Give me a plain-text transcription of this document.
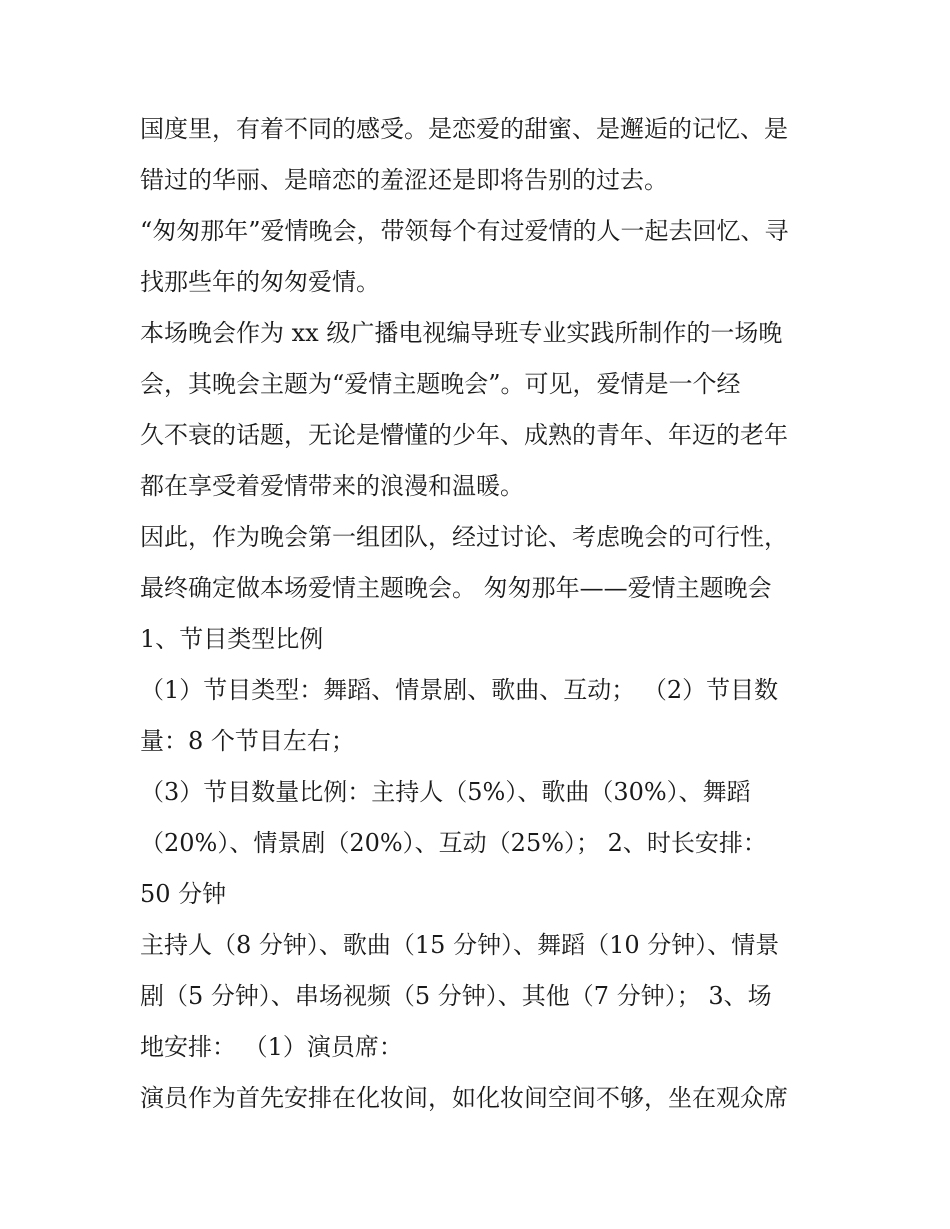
国度里，有着不同的感受。是恋爱的甜蜜、是邂逅的记忆、是
错过的华丽、是暗恋的羞涩还是即将告别的过去。
“匆匆那年”爱情晚会，带领每个有过爱情的人一起去回忆、寻
找那些年的匆匆爱情。
本场晚会作为 xx 级广播电视编导班专业实践所制作的一场晚
会，其晚会主题为“爱情主题晚会”。可见，爱情是一个经
久不衰的话题，无论是懵懂的少年、成熟的青年、年迈的老年
都在享受着爱情带来的浪漫和温暖。
因此，作为晚会第一组团队，经过讨论、考虑晚会的可行性，
最终确定做本场爱情主题晚会。 匆匆那年——爱情主题晚会
1、节目类型比例
（1）节目类型：舞蹈、情景剧、歌曲、互动； （2）节目数
量：8 个节目左右；
（3）节目数量比例：主持人（5%）、歌曲（30%）、舞蹈
（20%）、情景剧（20%）、互动（25%）； 2、时长安排：
50 分钟
主持人（8 分钟）、歌曲（15 分钟）、舞蹈（10 分钟）、情景
剧（5 分钟）、串场视频（5 分钟）、其他（7 分钟）； 3、场
地安排： （1）演员席：
演员作为首先安排在化妆间，如化妆间空间不够，坐在观众席
